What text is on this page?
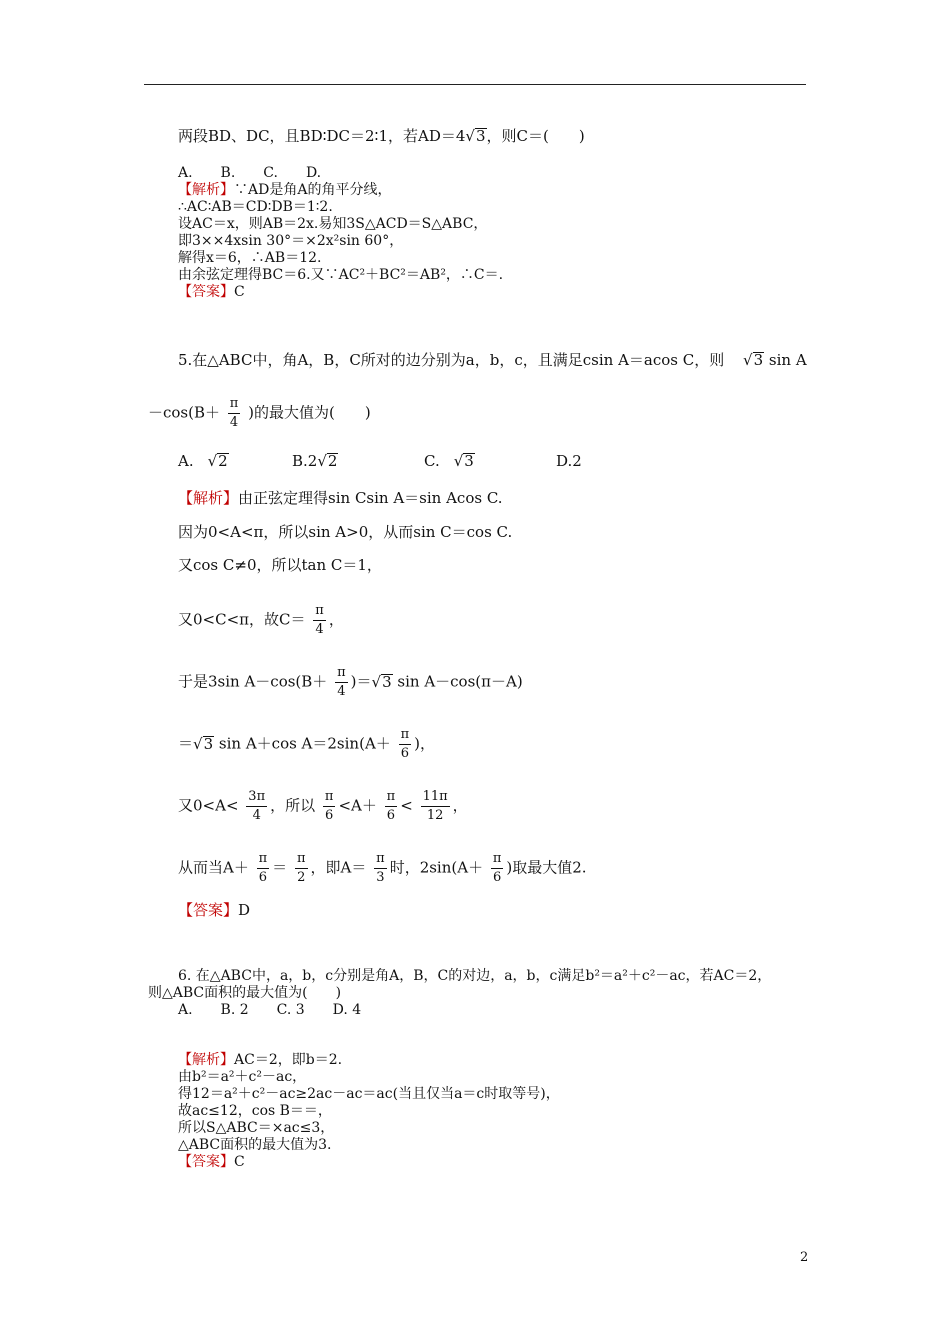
两段BD、DC，且BD∶DC＝2∶1，若AD＝4√3，则C＝(　　)
A.　　B.　　C.　　D.
【解析】∵AD是角A的角平分线，
∴AC∶AB＝CD∶DB＝1∶2.
设AC＝x，则AB＝2x.易知3S△ACD＝S△ABC，
即3××4xsin 30°＝×2x²sin 60°，
解得x＝6，∴AB＝12.
由余弦定理得BC＝6.又∵AC²＋BC²＝AB²，∴C＝.
【答案】C
5.在△ABC中，角A，B，C所对的边分别为a，b，c，且满足csin A＝acos C，则 √3 sin A
$-\cos(B+ \frac{\pi}{4}$ )的最大值为(　　)
A. √2	B.2√2	C. √3	D.2
【解析】由正弦定理得sin Csin A＝sin Acos C.
因为0<A<π，所以sin A>0，从而sin C＝cos C.
又cos C≠0，所以tan C＝1，
又0<C<π，故$C= \frac{\pi}{4}$ ，
于是3sin $A-\cos(B+ \frac{\pi}{4} )=√3$ sin A－cos(π－A)
＝√3 sin A＋cos $A=2\sin(A+ \frac{\pi}{6}$ )，
又$0<A< \frac{3\pi}{4}$ ，所以 $\frac{\pi}{6} <A+ \frac{\pi}{6} < \frac{11\pi}{12}$ ，
从而当$A+ \frac{\pi}{6} = \frac{\pi}{2}$ ，即$A= \frac{\pi}{3}$ 时，$2\sin(A+ \frac{\pi}{6}$ )取最大值2.
【答案】D
6. 在△ABC中，a，b，c分别是角A，B，C的对边，a，b，c满足b²＝a²＋c²－ac，若AC＝2，
则△ABC面积的最大值为(　　)
A.　　B. 2　　C. 3　　D. 4
【解析】AC＝2，即b＝2.
由b²＝a²＋c²－ac，
得12＝a²＋c²－ac≥2ac－ac＝ac(当且仅当a＝c时取等号)，
故ac≤12，cos B＝＝，
所以S△ABC＝×ac≤3，
△ABC面积的最大值为3.
【答案】C
2
